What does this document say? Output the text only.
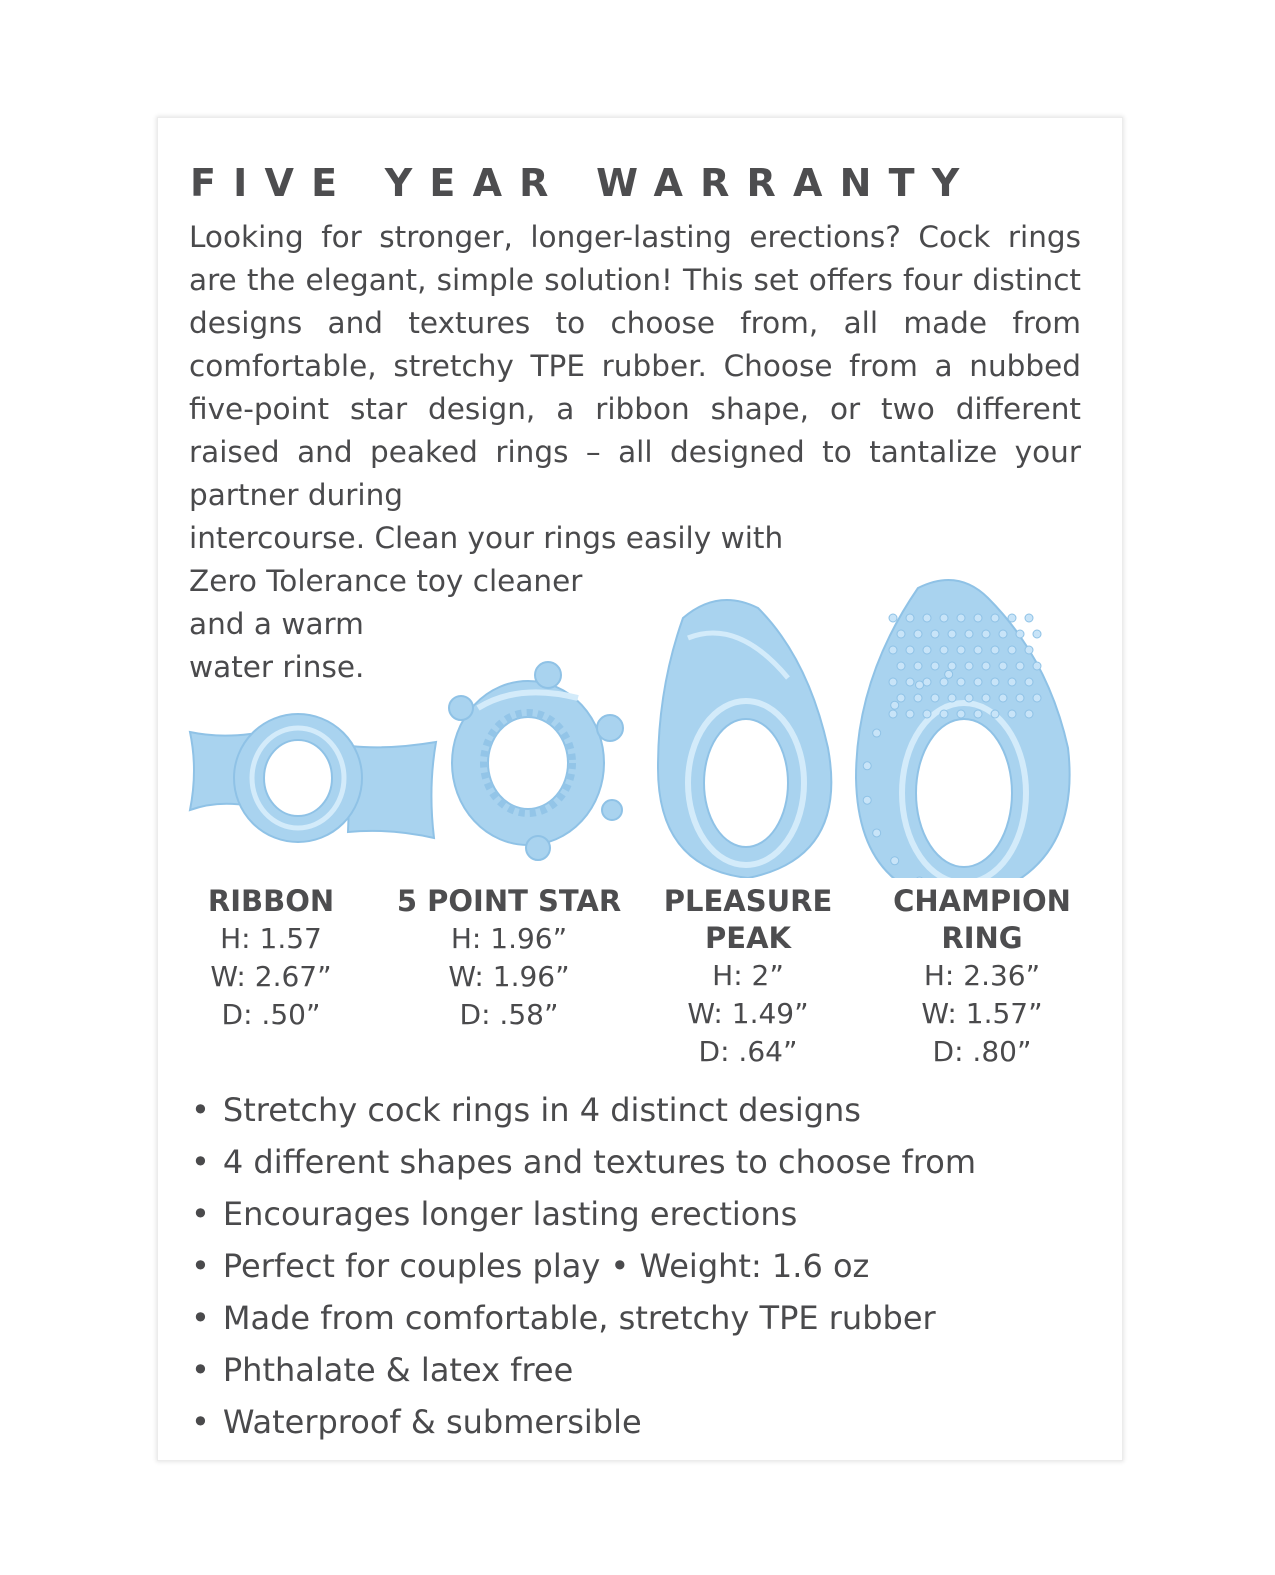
FIVE YEAR WARRANTY

Looking for stronger, longer-lasting erections? Cock rings are the elegant, simple solution! This set offers four distinct designs and textures to choose from, all made from comfortable, stretchy TPE rubber. Choose from a nubbed five-point star design, a ribbon shape, or two different raised and peaked rings – all designed to tantalize your partner during

intercourse. Clean your rings easily with

Zero Tolerance toy cleaner

and a warm

water rinse.

RIBBON
H: 1.57
W: 2.67”
D: .50”
5 POINT STAR
H: 1.96”
W: 1.96”
D: .58”
PLEASURE
PEAK
H: 2”
W: 1.49”
D: .64”
CHAMPION
RING
H: 2.36”
W: 1.57”
D: .80”
• Stretchy cock rings in 4 distinct designs
• 4 different shapes and textures to choose from
• Encourages longer lasting erections
• Perfect for couples play • Weight: 1.6 oz
• Made from comfortable, stretchy TPE rubber
• Phthalate & latex free
• Waterproof & submersible
